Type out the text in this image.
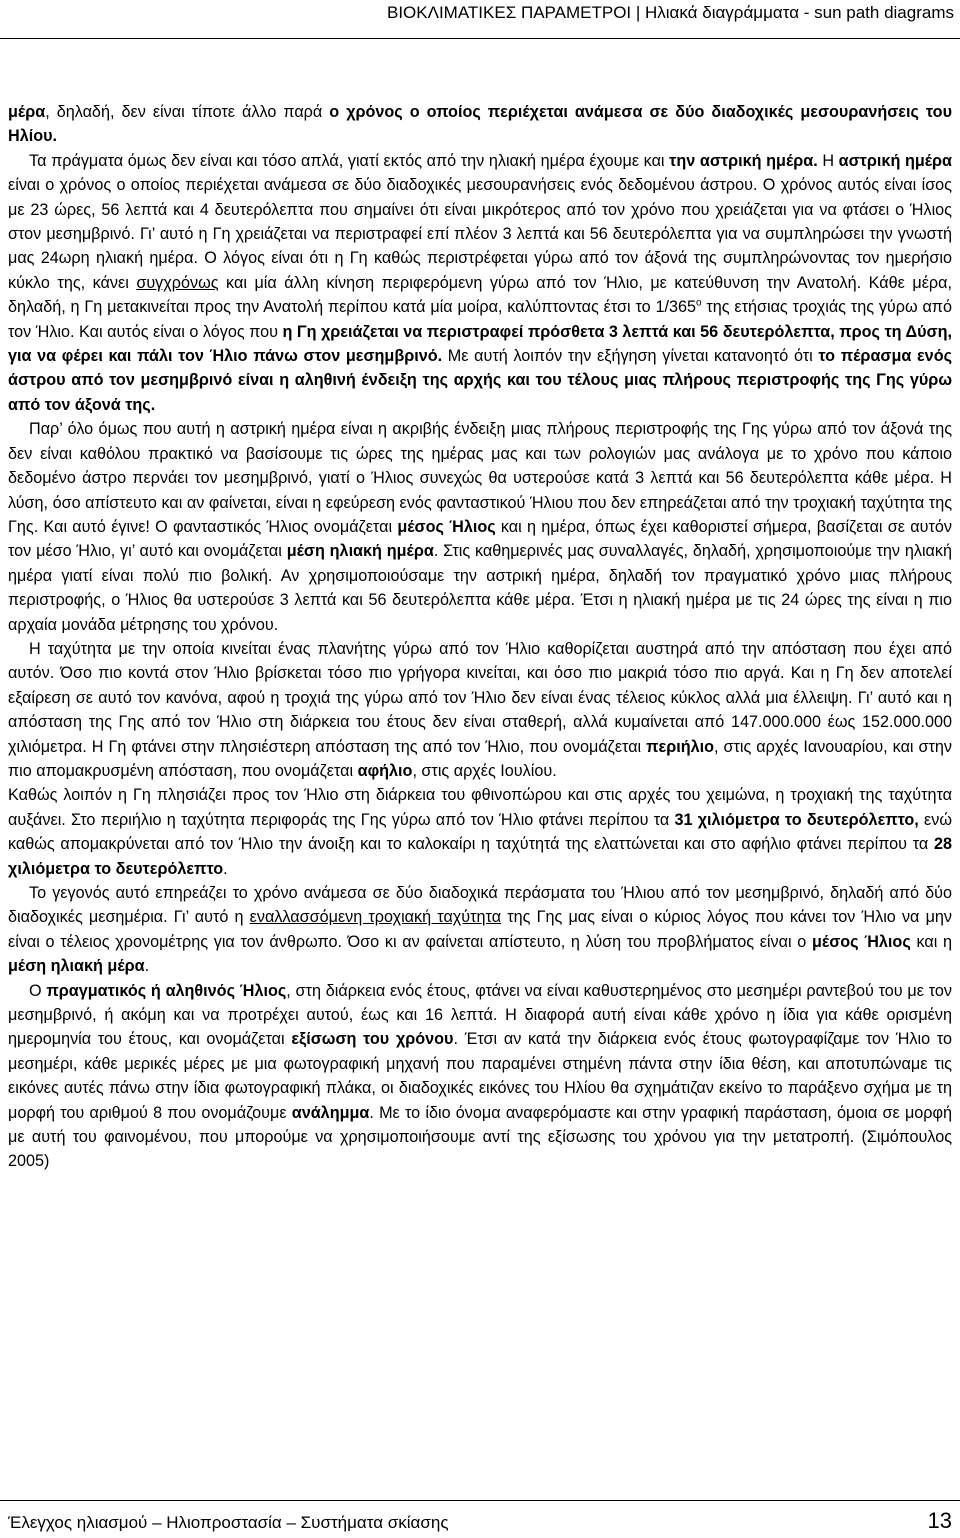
ΒΙΟΚΛΙΜΑΤΙΚΕΣ ΠΑΡΑΜΕΤΡΟΙ | Ηλιακά διαγράμματα - sun path diagrams

μέρα, δηλαδή, δεν είναι τίποτε άλλο παρά ο χρόνος ο οποίος περιέχεται ανάμεσα σε δύο διαδοχικές μεσουρανήσεις του Ηλίου.

Τα πράγματα όμως δεν είναι και τόσο απλά, γιατί εκτός από την ηλιακή ημέρα έχουμε και την αστρική ημέρα. Η αστρική ημέρα είναι ο χρόνος ο οποίος περιέχεται ανάμεσα σε δύο διαδοχικές μεσουρανήσεις ενός δεδομένου άστρου. Ο χρόνος αυτός είναι ίσος με 23 ώρες, 56 λεπτά και 4 δευτερόλεπτα που σημαίνει ότι είναι μικρότερος από τον χρόνο που χρειάζεται για να φτάσει ο Ήλιος στον μεσημβρινό. Γι’ αυτό η Γη χρειάζεται να περιστραφεί επί πλέον 3 λεπτά και 56 δευτερόλεπτα για να συμπληρώσει την γνωστή μας 24ωρη ηλιακή ημέρα. Ο λόγος είναι ότι η Γη καθώς περιστρέφεται γύρω από τον άξονά της συμπληρώνοντας τον ημερήσιο κύκλο της, κάνει συγχρόνως και μία άλλη κίνηση περιφερόμενη γύρω από τον Ήλιο, με κατεύθυνση την Ανατολή. Κάθε μέρα, δηλαδή, η Γη μετακινείται προς την Ανατολή περίπου κατά μία μοίρα, καλύπτοντας έτσι το $1/365^o$ της ετήσιας τροχιάς της γύρω από τον Ήλιο. Και αυτός είναι ο λόγος που η Γη χρειάζεται να περιστραφεί πρόσθετα 3 λεπτά και 56 δευτερόλεπτα, προς τη Δύση, για να φέρει και πάλι τον Ήλιο πάνω στον μεσημβρινό. Με αυτή λοιπόν την εξήγηση γίνεται κατανοητό ότι το πέρασμα ενός άστρου από τον μεσημβρινό είναι η αληθινή ένδειξη της αρχής και του τέλους μιας πλήρους περιστροφής της Γης γύρω από τον άξονά της.

Παρ’ όλο όμως που αυτή η αστρική ημέρα είναι η ακριβής ένδειξη μιας πλήρους περιστροφής της Γης γύρω από τον άξονά της δεν είναι καθόλου πρακτικό να βασίσουμε τις ώρες της ημέρας μας και των ρολογιών μας ανάλογα με το χρόνο που κάποιο δεδομένο άστρο περνάει τον μεσημβρινό, γιατί ο Ήλιος συνεχώς θα υστερούσε κατά 3 λεπτά και 56 δευτερόλεπτα κάθε μέρα. Η λύση, όσο απίστευτο και αν φαίνεται, είναι η εφεύρεση ενός φανταστικού Ήλιου που δεν επηρεάζεται από την τροχιακή ταχύτητα της Γης. Και αυτό έγινε! Ο φανταστικός Ήλιος ονομάζεται μέσος Ήλιος και η ημέρα, όπως έχει καθοριστεί σήμερα, βασίζεται σε αυτόν τον μέσο Ήλιο, γι’ αυτό και ονομάζεται μέση ηλιακή ημέρα. Στις καθημερινές μας συναλλαγές, δηλαδή, χρησιμοποιούμε την ηλιακή ημέρα γιατί είναι πολύ πιο βολική. Αν χρησιμοποιούσαμε την αστρική ημέρα, δηλαδή τον πραγματικό χρόνο μιας πλήρους περιστροφής, ο Ήλιος θα υστερούσε 3 λεπτά και 56 δευτερόλεπτα κάθε μέρα. Έτσι η ηλιακή ημέρα με τις 24 ώρες της είναι η πιο αρχαία μονάδα μέτρησης του χρόνου.

Η ταχύτητα με την οποία κινείται ένας πλανήτης γύρω από τον Ήλιο καθορίζεται αυστηρά από την απόσταση που έχει από αυτόν. Όσο πιο κοντά στον Ήλιο βρίσκεται τόσο πιο γρήγορα κινείται, και όσο πιο μακριά τόσο πιο αργά. Και η Γη δεν αποτελεί εξαίρεση σε αυτό τον κανόνα, αφού η τροχιά της γύρω από τον Ήλιο δεν είναι ένας τέλειος κύκλος αλλά μια έλλειψη. Γι’ αυτό και η απόσταση της Γης από τον Ήλιο στη διάρκεια του έτους δεν είναι σταθερή, αλλά κυμαίνεται από 147.000.000 έως 152.000.000 χιλιόμετρα. Η Γη φτάνει στην πλησιέστερη απόσταση της από τον Ήλιο, που ονομάζεται περιήλιο, στις αρχές Ιανουαρίου, και στην πιο απομακρυσμένη απόσταση, που ονομάζεται αφήλιο, στις αρχές Ιουλίου.

Καθώς λοιπόν η Γη πλησιάζει προς τον Ήλιο στη διάρκεια του φθινοπώρου και στις αρχές του χειμώνα, η τροχιακή της ταχύτητα αυξάνει. Στο περιήλιο η ταχύτητα περιφοράς της Γης γύρω από τον Ήλιο φτάνει περίπου τα 31 χιλιόμετρα το δευτερόλεπτο, ενώ καθώς απομακρύνεται από τον Ήλιο την άνοιξη και το καλοκαίρι η ταχύτητά της ελαττώνεται και στο αφήλιο φτάνει περίπου τα 28 χιλιόμετρα το δευτερόλεπτο.

Το γεγονός αυτό επηρεάζει το χρόνο ανάμεσα σε δύο διαδοχικά περάσματα του Ήλιου από τον μεσημβρινό, δηλαδή από δύο διαδοχικές μεσημέρια. Γι’ αυτό η εναλλασσόμενη τροχιακή ταχύτητα της Γης μας είναι ο κύριος λόγος που κάνει τον Ήλιο να μην είναι ο τέλειος χρονομέτρης για τον άνθρωπο. Όσο κι αν φαίνεται απίστευτο, η λύση του προβλήματος είναι ο μέσος Ήλιος και η μέση ηλιακή μέρα.

Ο πραγματικός ή αληθινός Ήλιος, στη διάρκεια ενός έτους, φτάνει να είναι καθυστερημένος στο μεσημέρι ραντεβού του με τον μεσημβρινό, ή ακόμη και να προτρέχει αυτού, έως και 16 λεπτά. Η διαφορά αυτή είναι κάθε χρόνο η ίδια για κάθε ορισμένη ημερομηνία του έτους, και ονομάζεται εξίσωση του χρόνου. Έτσι αν κατά την διάρκεια ενός έτους φωτογραφίζαμε τον Ήλιο το μεσημέρι, κάθε μερικές μέρες με μια φωτογραφική μηχανή που παραμένει στημένη πάντα στην ίδια θέση, και αποτυπώναμε τις εικόνες αυτές πάνω στην ίδια φωτογραφική πλάκα, οι διαδοχικές εικόνες του Ηλίου θα σχημάτιζαν εκείνο το παράξενο σχήμα με τη μορφή του αριθμού 8 που ονομάζουμε ανάλημμα. Με το ίδιο όνομα αναφερόμαστε και στην γραφική παράσταση, όμοια σε μορφή με αυτή του φαινομένου, που μπορούμε να χρησιμοποιήσουμε αντί της εξίσωσης του χρόνου για την μετατροπή. (Σιμόπουλος 2005)

Έλεγχος ηλιασμού – Ηλιοπροστασία – Συστήματα σκίασης	13
